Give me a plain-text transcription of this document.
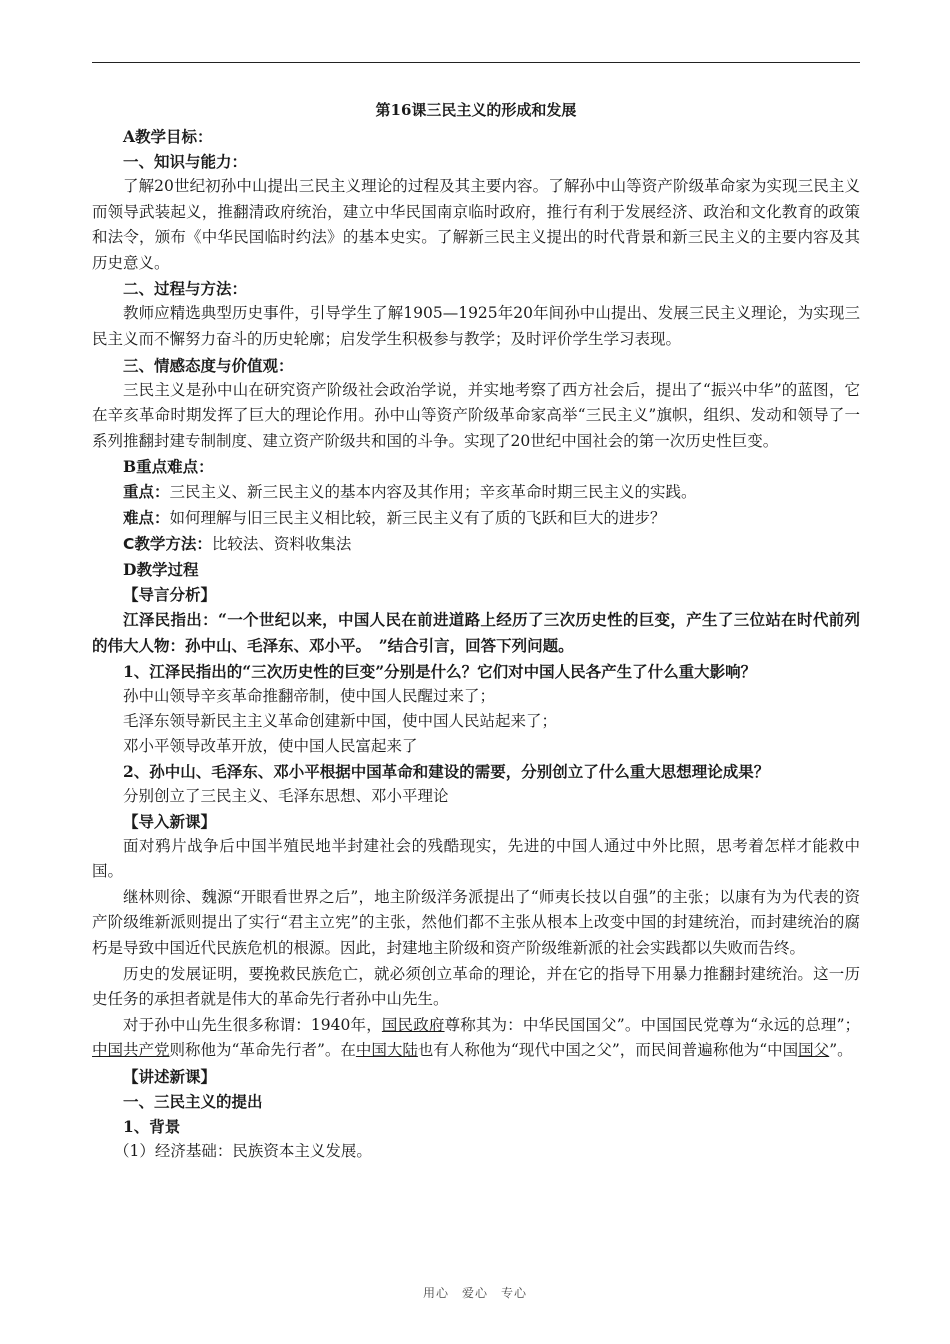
第16课三民主义的形成和发展

A教学目标：

一、知识与能力：

了解20世纪初孙中山提出三民主义理论的过程及其主要内容。了解孙中山等资产阶级革命家为实现三民主义而领导武装起义，推翻清政府统治，建立中华民国南京临时政府，推行有利于发展经济、政治和文化教育的政策和法令，颁布《中华民国临时约法》的基本史实。了解新三民主义提出的时代背景和新三民主义的主要内容及其历史意义。

二、过程与方法：

教师应精选典型历史事件，引导学生了解1905—1925年20年间孙中山提出、发展三民主义理论，为实现三民主义而不懈努力奋斗的历史轮廓；启发学生积极参与教学；及时评价学生学习表现。

三、情感态度与价值观：

三民主义是孙中山在研究资产阶级社会政治学说，并实地考察了西方社会后，提出了“振兴中华”的蓝图，它在辛亥革命时期发挥了巨大的理论作用。孙中山等资产阶级革命家高举“三民主义”旗帜，组织、发动和领导了一系列推翻封建专制制度、建立资产阶级共和国的斗争。实现了20世纪中国社会的第一次历史性巨变。

B重点难点：

重点：三民主义、新三民主义的基本内容及其作用；辛亥革命时期三民主义的实践。

难点：如何理解与旧三民主义相比较，新三民主义有了质的飞跃和巨大的进步？

C教学方法：比较法、资料收集法

D教学过程

【导言分析】

江泽民指出：“一个世纪以来，中国人民在前进道路上经历了三次历史性的巨变，产生了三位站在时代前列的伟大人物：孙中山、毛泽东、邓小平。　”结合引言，回答下列问题。

1、江泽民指出的“三次历史性的巨变”分别是什么？它们对中国人民各产生了什么重大影响？

孙中山领导辛亥革命推翻帝制，使中国人民醒过来了；

毛泽东领导新民主主义革命创建新中国，使中国人民站起来了；

邓小平领导改革开放，使中国人民富起来了

2、孙中山、毛泽东、邓小平根据中国革命和建设的需要，分别创立了什么重大思想理论成果？

分别创立了三民主义、毛泽东思想、邓小平理论

【导入新课】

面对鸦片战争后中国半殖民地半封建社会的残酷现实，先进的中国人通过中外比照，思考着怎样才能救中国。

继林则徐、魏源“开眼看世界之后”，地主阶级洋务派提出了“师夷长技以自强”的主张；以康有为为代表的资产阶级维新派则提出了实行“君主立宪”的主张，然他们都不主张从根本上改变中国的封建统治，而封建统治的腐朽是导致中国近代民族危机的根源。因此，封建地主阶级和资产阶级维新派的社会实践都以失败而告终。

历史的发展证明，要挽救民族危亡，就必须创立革命的理论，并在它的指导下用暴力推翻封建统治。这一历史任务的承担者就是伟大的革命先行者孙中山先生。

对于孙中山先生很多称谓：1940年，国民政府尊称其为：中华民国国父”。中国国民党尊为“永远的总理”；中国共产党则称他为“革命先行者”。在中国大陆也有人称他为“现代中国之父”，而民间普遍称他为“中国国父”。

【讲述新课】

一、三民主义的提出

1、背景

（1）经济基础：民族资本主义发展。

用心　爱心　专心
